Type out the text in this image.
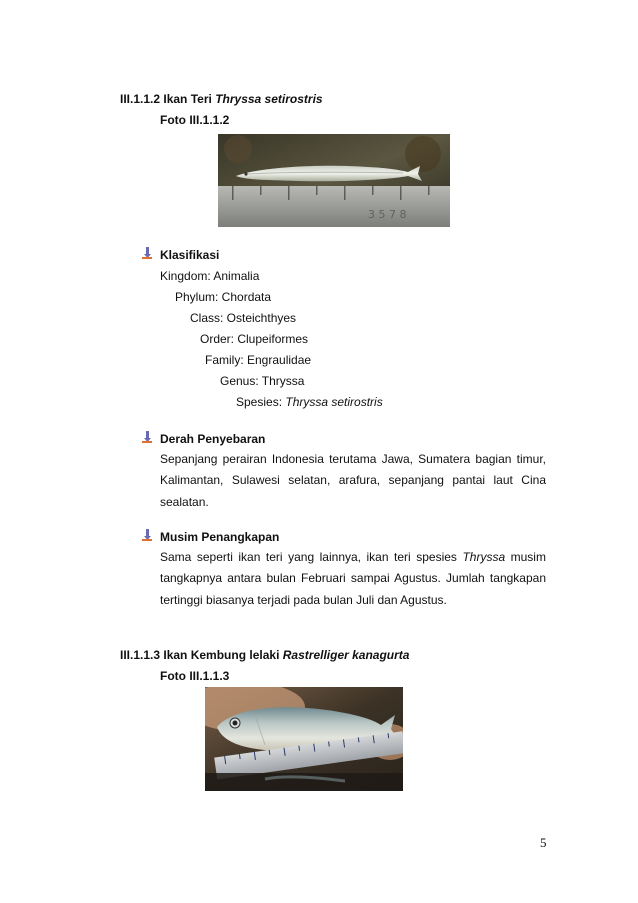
III.1.1.2 Ikan Teri Thryssa setirostris
Foto III.1.1.2
3 5 7 8
Klasifikasi
Kingdom: Animalia
Phylum: Chordata
Class: Osteichthyes
Order: Clupeiformes
Family: Engraulidae
Genus: Thryssa
Spesies: Thryssa setirostris
Derah Penyebaran
Sepanjang perairan Indonesia terutama Jawa, Sumatera bagian timur,
Kalimantan, Sulawesi selatan, arafura, sepanjang pantai laut Cina
sealatan.
Musim Penangkapan
Sama seperti ikan teri yang lainnya, ikan teri spesies Thryssa musim
tangkapnya antara bulan Februari sampai Agustus. Jumlah tangkapan
tertinggi biasanya terjadi pada bulan Juli dan Agustus.
III.1.1.3 Ikan Kembung lelaki Rastrelliger kanagurta
Foto III.1.1.3
5
